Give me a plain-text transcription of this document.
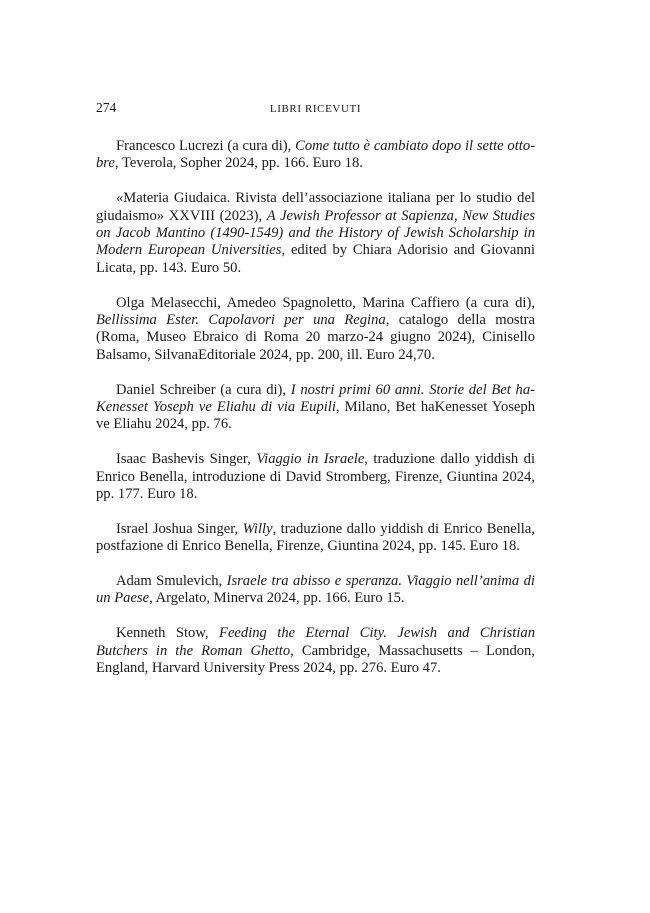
274	LIBRI RICEVUTI

Francesco Lucrezi (a cura di), Come tutto è cambiato dopo il sette otto-bre, Teverola, Sopher 2024, pp. 166. Euro 18.

«Materia Giudaica. Rivista dell’associazione italiana per lo studio del giudaismo» XXVIII (2023), A Jewish Professor at Sapienza, New Studies on Jacob Mantino (1490-1549) and the History of Jewish Scholarship in Modern European Universities, edited by Chiara Adorisio and Giovanni Licata, pp. 143. Euro 50.

Olga Melasecchi, Amedeo Spagnoletto, Marina Caffiero (a cura di), Bellissima Ester. Capolavori per una Regina, catalogo della mostra (Roma, Museo Ebraico di Roma 20 marzo-24 giugno 2024), Cinisello Balsamo, SilvanaEditoriale 2024, pp. 200, ill. Euro 24,70.

Daniel Schreiber (a cura di), I nostri primi 60 anni. Storie del Bet ha-Kenesset Yoseph ve Eliahu di via Eupili, Milano, Bet haKenesset Yoseph ve Eliahu 2024, pp. 76.

Isaac Bashevis Singer, Viaggio in Israele, traduzione dallo yiddish di Enrico Benella, introduzione di David Stromberg, Firenze, Giuntina 2024, pp. 177. Euro 18.

Israel Joshua Singer, Willy, traduzione dallo yiddish di Enrico Benella, postfazione di Enrico Benella, Firenze, Giuntina 2024, pp. 145. Euro 18.

Adam Smulevich, Israele tra abisso e speranza. Viaggio nell’anima di un Paese, Argelato, Minerva 2024, pp. 166. Euro 15.

Kenneth Stow, Feeding the Eternal City. Jewish and Christian Butchers in the Roman Ghetto, Cambridge, Massachusetts – London, England, Harvard University Press 2024, pp. 276. Euro 47.
